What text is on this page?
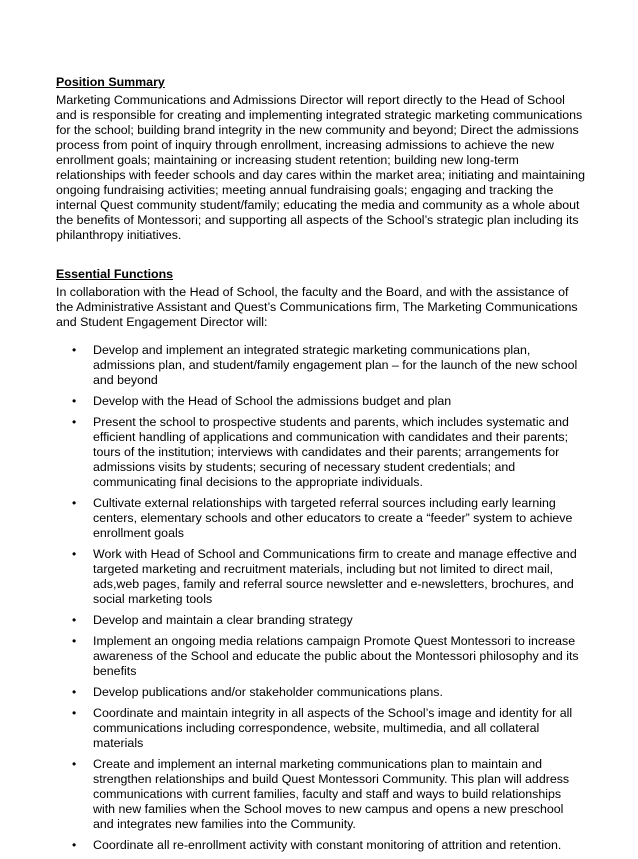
Position Summary

Marketing Communications and Admissions Director will report directly to the Head of School and is responsible for creating and implementing integrated strategic marketing communications for the school; building brand integrity in the new community and beyond; Direct the admissions process from point of inquiry through enrollment, increasing admissions to achieve the new enrollment goals; maintaining or increasing student retention; building new long-term relationships with feeder schools and day cares within the market area; initiating and maintaining ongoing fundraising activities; meeting annual fundraising goals; engaging and tracking the internal Quest community student/family; educating the media and community as a whole about the benefits of Montessori; and supporting all aspects of the School’s strategic plan including its philanthropy initiatives.

Essential Functions

In collaboration with the Head of School, the faculty and the Board, and with the assistance of the Administrative Assistant and Quest’s Communications firm, The Marketing Communications and Student Engagement Director will:

• Develop and implement an integrated strategic marketing communications plan, admissions plan, and student/family engagement plan – for the launch of the new school and beyond
• Develop with the Head of School the admissions budget and plan
• Present the school to prospective students and parents, which includes systematic and efficient handling of applications and communication with candidates and their parents; tours of the institution; interviews with candidates and their parents; arrangements for admissions visits by students; securing of necessary student credentials; and communicating final decisions to the appropriate individuals.
• Cultivate external relationships with targeted referral sources including early learning centers, elementary schools and other educators to create a “feeder” system to achieve enrollment goals
• Work with Head of School and Communications firm to create and manage effective and targeted marketing and recruitment materials, including but not limited to direct mail, ads,web pages, family and referral source newsletter and e-newsletters, brochures, and social marketing tools
• Develop and maintain a clear branding strategy
• Implement an ongoing media relations campaign Promote Quest Montessori to increase awareness of the School and educate the public about the Montessori philosophy and its benefits
• Develop publications and/or stakeholder communications plans.
• Coordinate and maintain integrity in all aspects of the School’s image and identity for all communications including correspondence, website, multimedia, and all collateral materials
• Create and implement an internal marketing communications plan to maintain and strengthen relationships and build Quest Montessori Community. This plan will address communications with current families, faculty and staff and ways to build relationships with new families when the School moves to new campus and opens a new preschool and integrates new families into the Community.
• Coordinate all re-enrollment activity with constant monitoring of attrition and retention.
